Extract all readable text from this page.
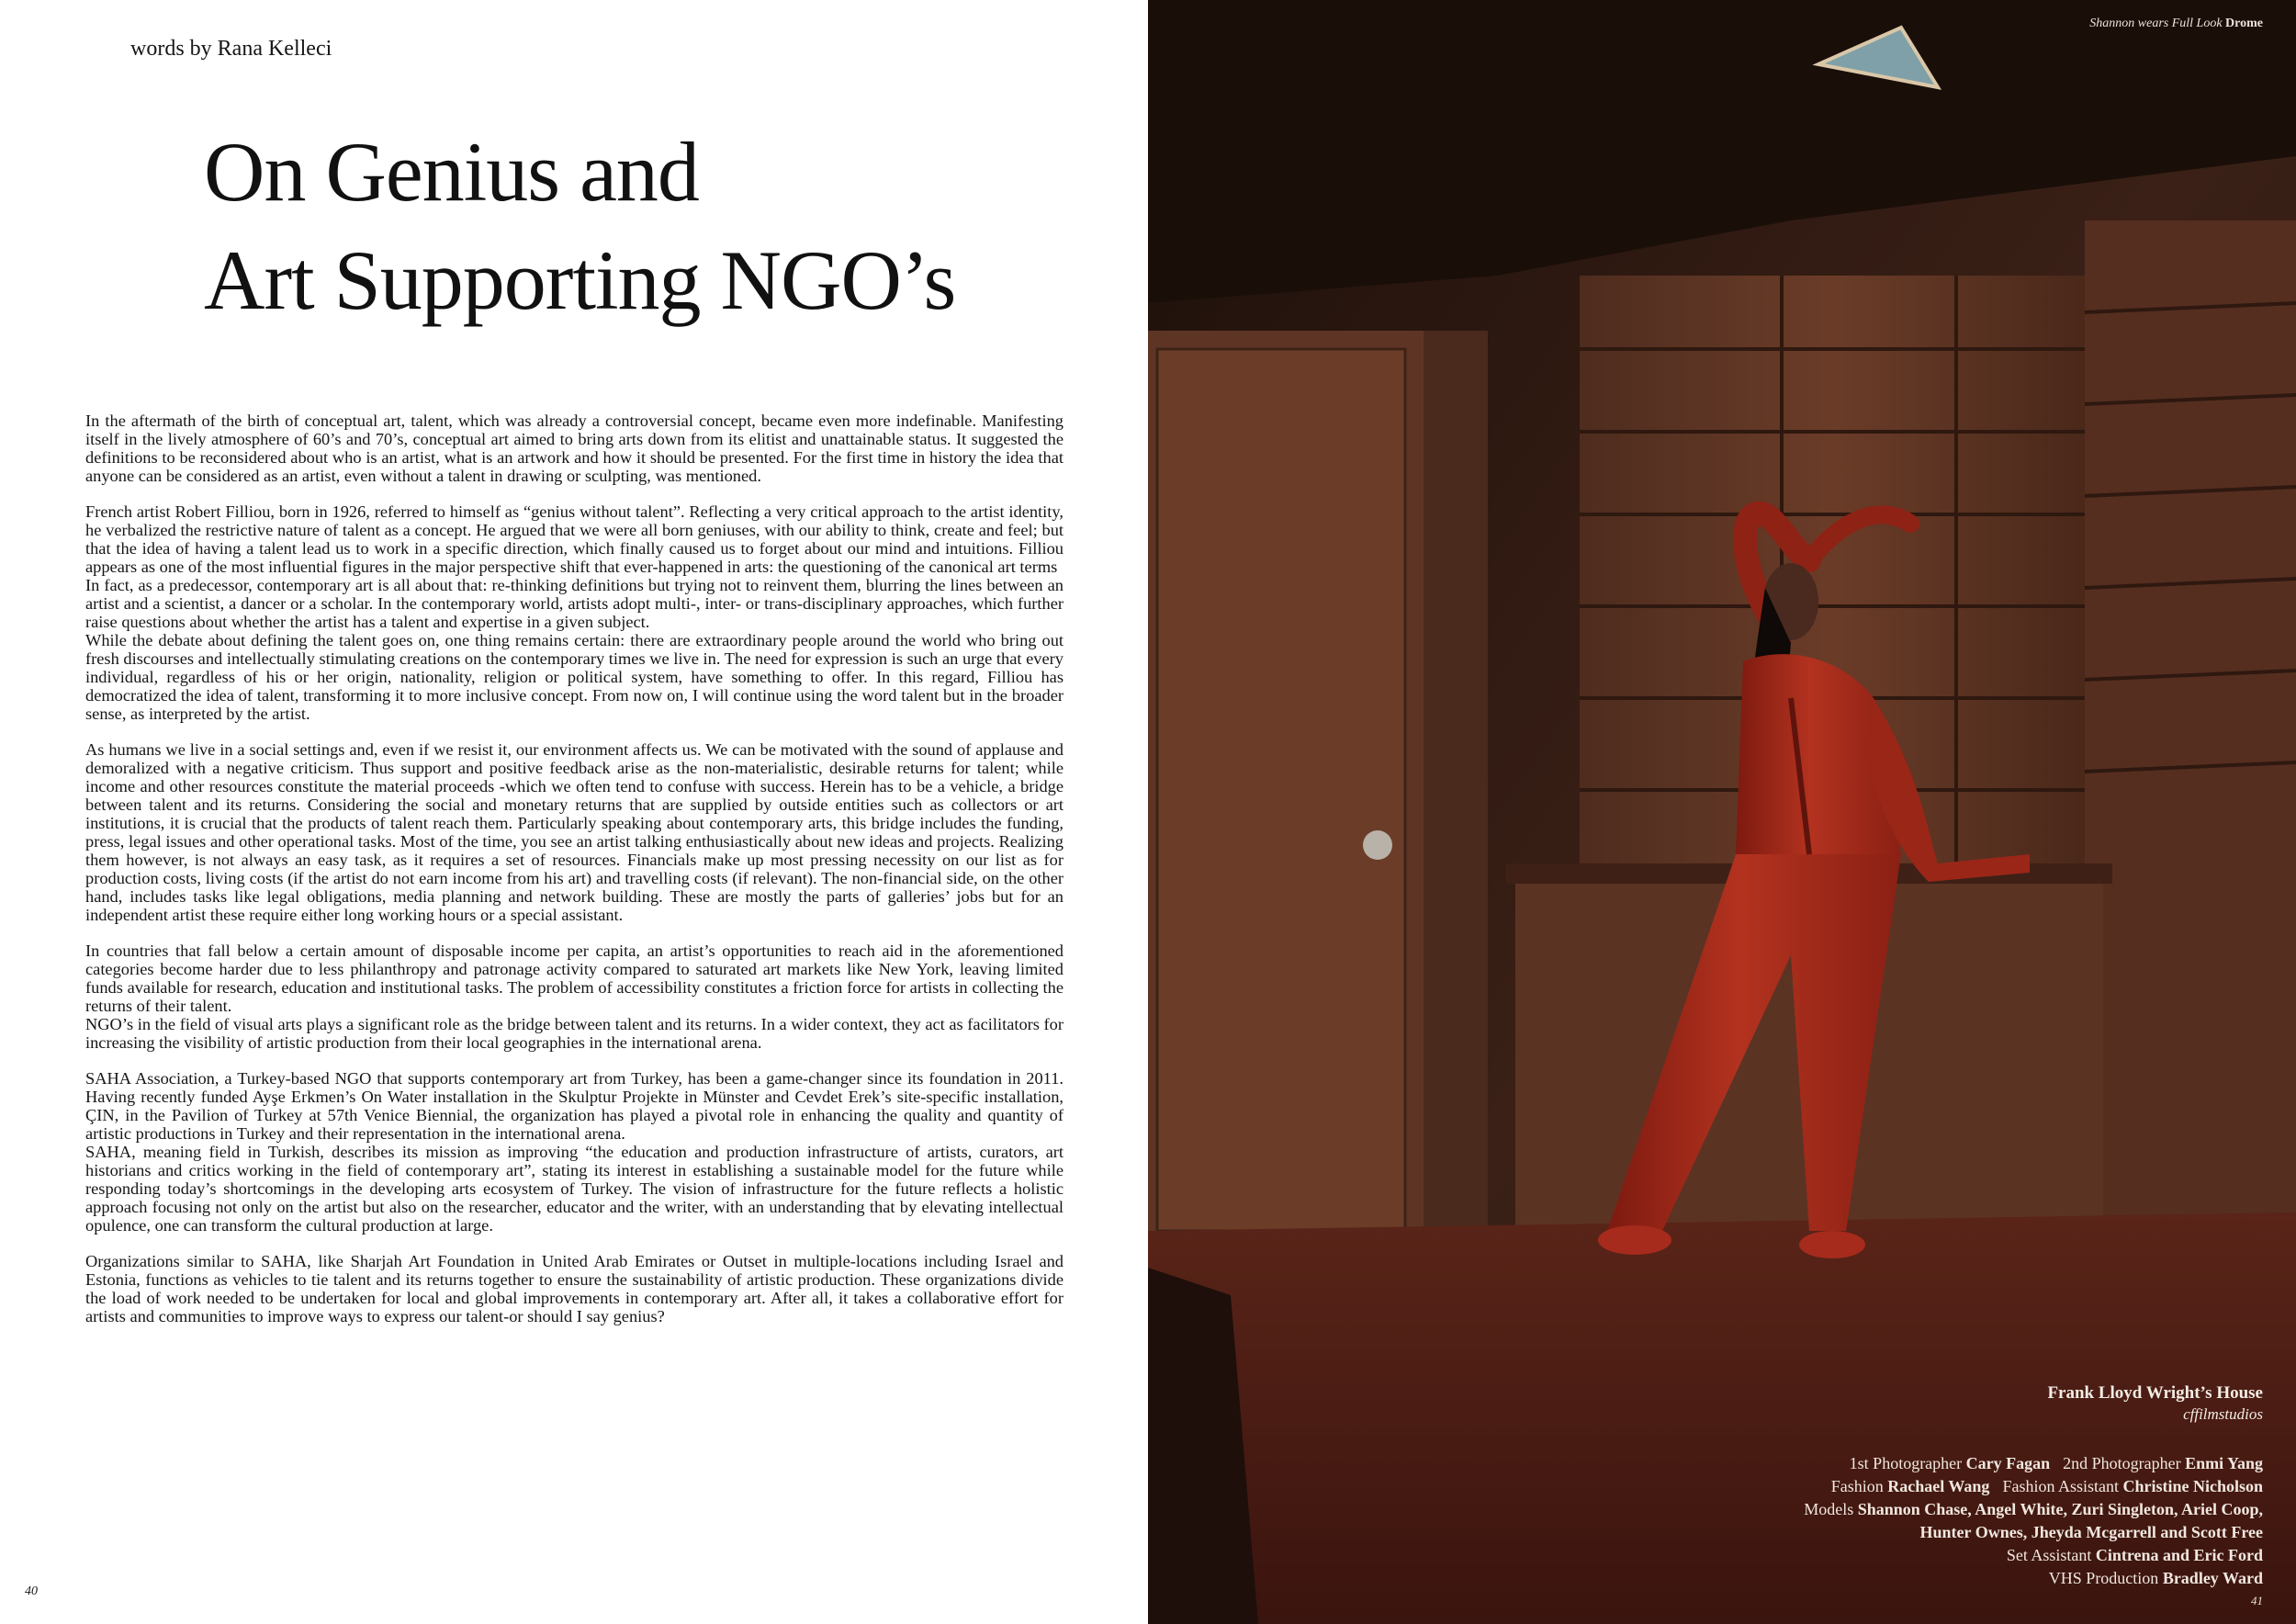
words by Rana Kelleci
On Genius and
Art Supporting NGO’s

In the aftermath of the birth of conceptual art, talent, which was already a controversial concept, became even more indefinable. Manifesting itself in the lively atmosphere of 60’s and 70’s, conceptual art aimed to bring arts down from its elitist and unattainable status. It suggested the definitions to be reconsidered about who is an artist, what is an artwork and how it should be presented. For the first time in history the idea that anyone can be considered as an artist, even without a talent in drawing or sculpting, was mentioned.

French artist Robert Filliou, born in 1926, referred to himself as “genius without talent”. Reflecting a very critical approach to the artist identity, he verbalized the restrictive nature of talent as a concept. He argued that we were all born geniuses, with our ability to think, create and feel; but that the idea of having a talent lead us to work in a specific direction, which finally caused us to forget about our mind and intuitions. Filliou appears as one of the most influential figures in the major perspective shift that ever-happened in arts: the questioning of the canonical art terms
In fact, as a predecessor, contemporary art is all about that: re-thinking definitions but trying not to reinvent them, blurring the lines between an artist and a scientist, a dancer or a scholar. In the contemporary world, artists adopt multi-, inter- or trans-disciplinary approaches, which further raise questions about whether the artist has a talent and expertise in a given subject.
While the debate about defining the talent goes on, one thing remains certain: there are extraordinary people around the world who bring out fresh discourses and intellectually stimulating creations on the contemporary times we live in. The need for expression is such an urge that every individual, regardless of his or her origin, nationality, religion or political system, have something to offer. In this regard, Filliou has democratized the idea of talent, transforming it to more inclusive concept. From now on, I will continue using the word talent but in the broader sense, as interpreted by the artist.

As humans we live in a social settings and, even if we resist it, our environment affects us. We can be motivated with the sound of applause and demoralized with a negative criticism. Thus support and positive feedback arise as the non-materialistic, desirable returns for talent; while income and other resources constitute the material proceeds -which we often tend to confuse with success. Herein has to be a vehicle, a bridge between talent and its returns. Considering the social and monetary returns that are supplied by outside entities such as collectors or art institutions, it is crucial that the products of talent reach them. Particularly speaking about contemporary arts, this bridge includes the funding, press, legal issues and other operational tasks. Most of the time, you see an artist talking enthusiastically about new ideas and projects. Realizing them however, is not always an easy task, as it requires a set of resources. Financials make up most pressing necessity on our list as for production costs, living costs (if the artist do not earn income from his art) and travelling costs (if relevant). The non-financial side, on the other hand, includes tasks like legal obligations, media planning and network building. These are mostly the parts of galleries’ jobs but for an independent artist these require either long working hours or a special assistant.

In countries that fall below a certain amount of disposable income per capita, an artist’s opportunities to reach aid in the aforementioned categories become harder due to less philanthropy and patronage activity compared to saturated art markets like New York, leaving limited funds available for research, education and institutional tasks. The problem of accessibility constitutes a friction force for artists in collecting the returns of their talent.
NGO’s in the field of visual arts plays a significant role as the bridge between talent and its returns. In a wider context, they act as facilitators for increasing the visibility of artistic production from their local geographies in the international arena.

SAHA Association, a Turkey-based NGO that supports contemporary art from Turkey, has been a game-changer since its foundation in 2011. Having recently funded Ayşe Erkmen’s On Water installation in the Skulptur Projekte in Münster and Cevdet Erek’s site-specific installation, ÇIN, in the Pavilion of Turkey at 57th Venice Biennial, the organization has played a pivotal role in enhancing the quality and quantity of artistic productions in Turkey and their representation in the international arena.
SAHA, meaning field in Turkish, describes its mission as improving “the education and production infrastructure of artists, curators, art historians and critics working in the field of contemporary art”, stating its interest in establishing a sustainable model for the future while responding today’s shortcomings in the developing arts ecosystem of Turkey. The vision of infrastructure for the future reflects a holistic approach focusing not only on the artist but also on the researcher, educator and the writer, with an understanding that by elevating intellectual opulence, one can transform the cultural production at large.

Organizations similar to SAHA, like Sharjah Art Foundation in United Arab Emirates or Outset in multiple-locations including Israel and Estonia, functions as vehicles to tie talent and its returns together to ensure the sustainability of artistic production. These organizations divide the load of work needed to be undertaken for local and global improvements in contemporary art. After all, it takes a collaborative effort for artists and communities to improve ways to express our talent-or should I say genius?

40
Shannon wears Full Look Drome
Frank Lloyd Wright’s House
cffilmstudios
1st Photographer Cary Fagan 2nd Photographer Enmi Yang
Fashion Rachael Wang Fashion Assistant Christine Nicholson
Models Shannon Chase, Angel White, Zuri Singleton, Ariel Coop,
Hunter Ownes, Jheyda Mcgarrell and Scott Free
Set Assistant Cintrena and Eric Ford
VHS Production Bradley Ward
41
